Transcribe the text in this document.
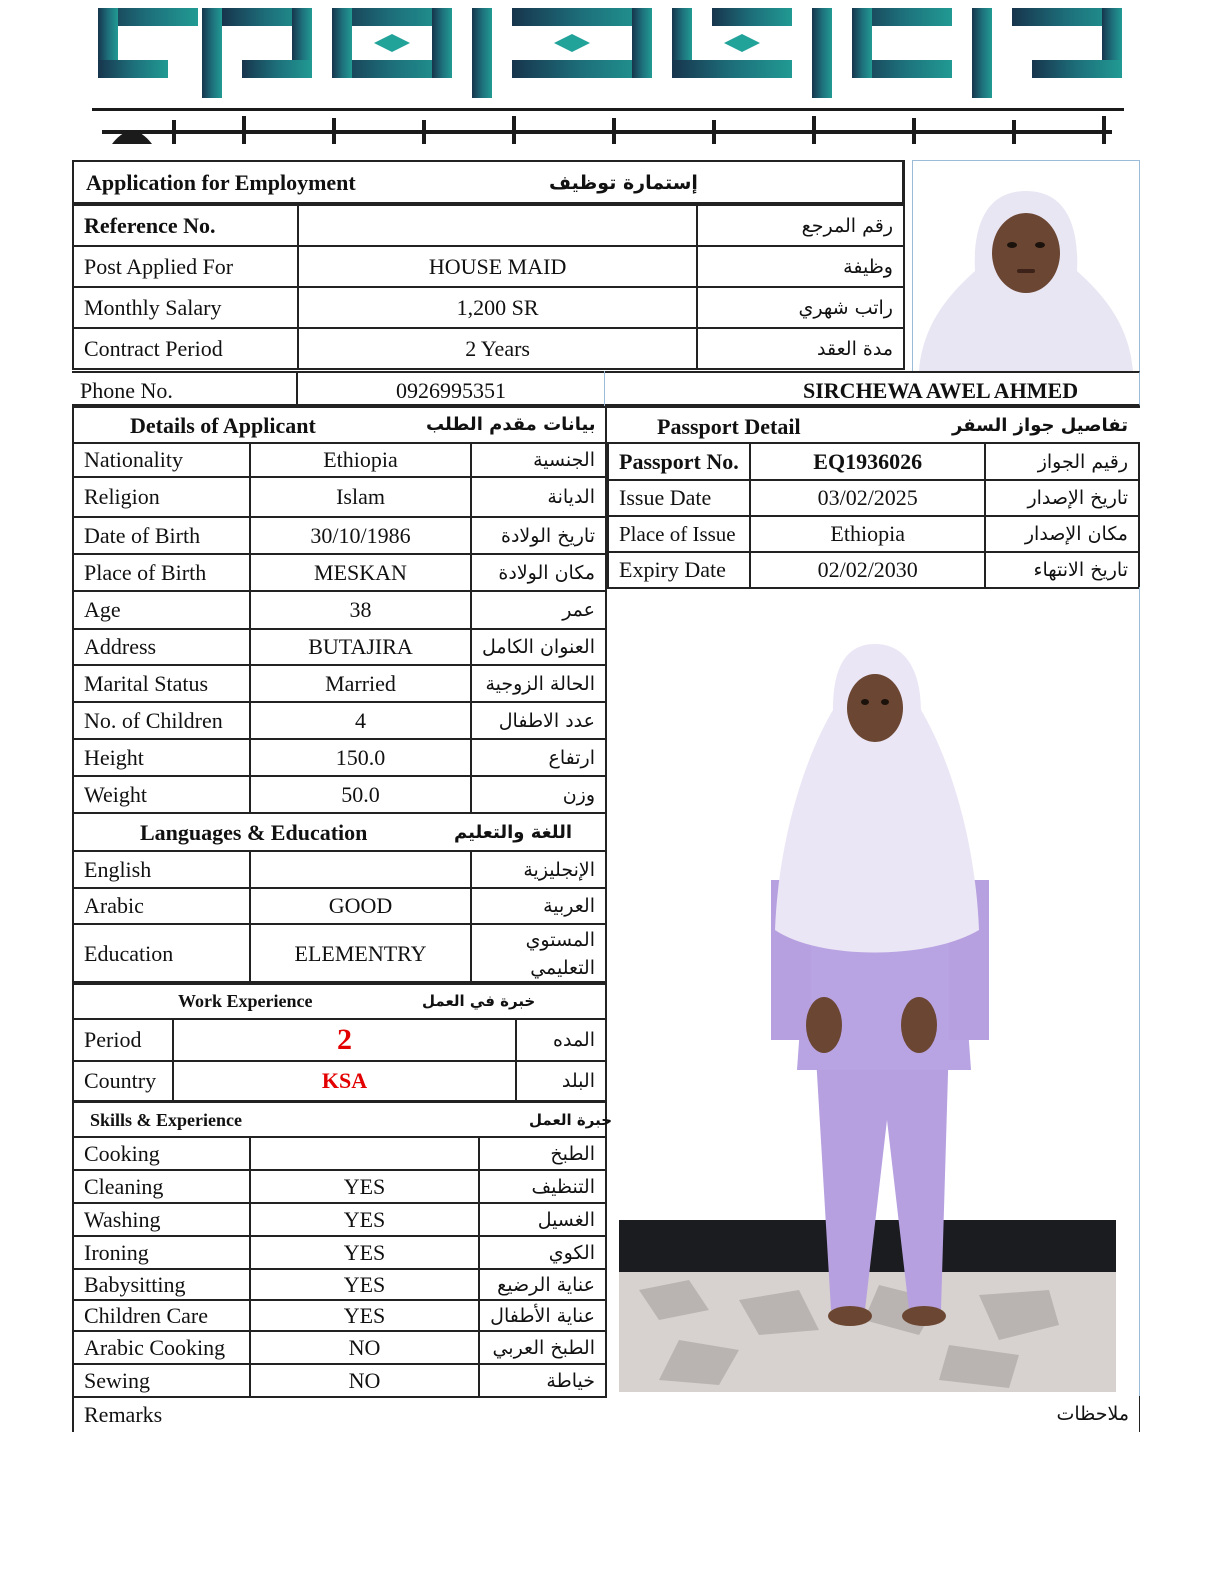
Application for Employment	إستمارة توظيف
Reference No.		رقم المرجع
Post Applied For	HOUSE MAID	وظيفة
Monthly Salary	1,200 SR	راتب شهري
Contract Period	2 Years	مدة العقد
Phone No.	0926995351	SIRCHEWA AWEL AHMED
Details of Applicant بيانات مقدم الطلب		

Nationality	Ethiopia	الجنسية
Religion	Islam	الديانة
Date of Birth	30/10/1986	تاريخ الولادة
Place of Birth	MESKAN	مكان الولادة
Age	38	عمر
Address	BUTAJIRA	العنوان الكامل
Marital Status	Married	الحالة الزوجية
No. of Children	4	عدد الاطفال
Height	150.0	ارتفاع
Weight	50.0	وزن

Languages & Education اللغة والتعليم		

English		الإنجليزية
Arabic	GOOD	العربية
Education	ELEMENTRY	المستوي التعليمي
Work Experience خبرة في العمل		

Period	2	المده
Country	KSA	البلد
Skills & Experience خبرة العمل		

Cooking		الطبخ
Cleaning	YES	التنظيف
Washing	YES	الغسيل
Ironing	YES	الكوي
Babysitting	YES	عناية الرضيع
Children Care	YES	عناية الأطفال
Arabic Cooking	NO	الطبخ العربي
Sewing	NO	خياطة
Passport Detail	تفاصيل جواز السفر
Passport No.	EQ1936026	رقيم الجواز
Issue Date	03/02/2025	تاريخ الإصدار
Place of Issue	Ethiopia	مكان الإصدار
Expiry Date	02/02/2030	تاريخ الانتهاء
Remarks	ملاحظات
